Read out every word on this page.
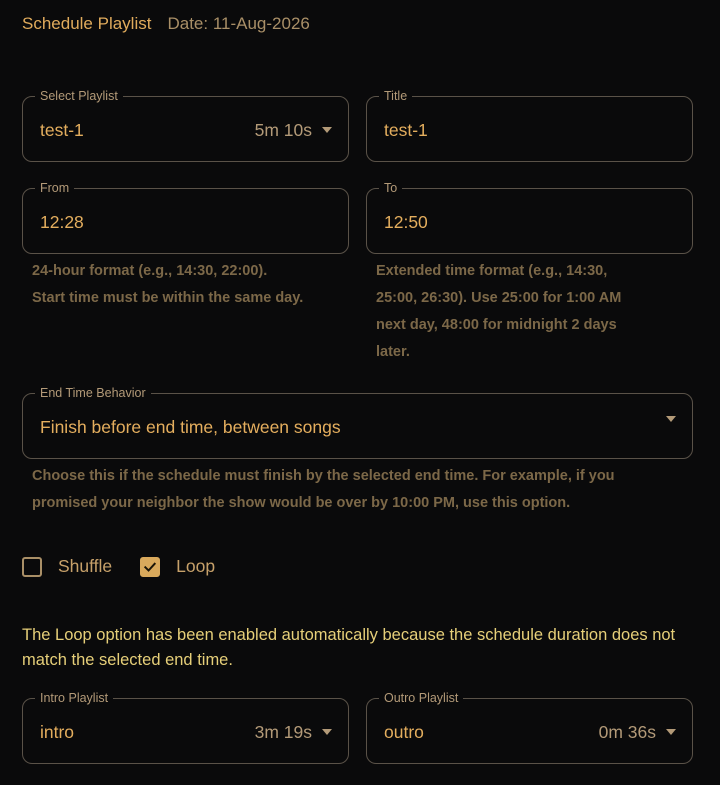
Schedule Playlist Date: 11-Aug-2026
Select Playlist
test-1	5m 10s
Title
test-1
From
12:28
To
12:50
24-hour format (e.g., 14:30, 22:00).
Start time must be within the same day.
Extended time format (e.g., 14:30,
25:00, 26:30). Use 25:00 for 1:00 AM
next day, 48:00 for midnight 2 days
later.
End Time Behavior
Finish before end time, between songs
Choose this if the schedule must finish by the selected end time. For example, if you
promised your neighbor the show would be over by 10:00 PM, use this option.
Shuffle	Loop
The Loop option has been enabled automatically because the schedule duration does not match the selected end time.
Intro Playlist
intro	3m 19s
Outro Playlist
outro	0m 36s
